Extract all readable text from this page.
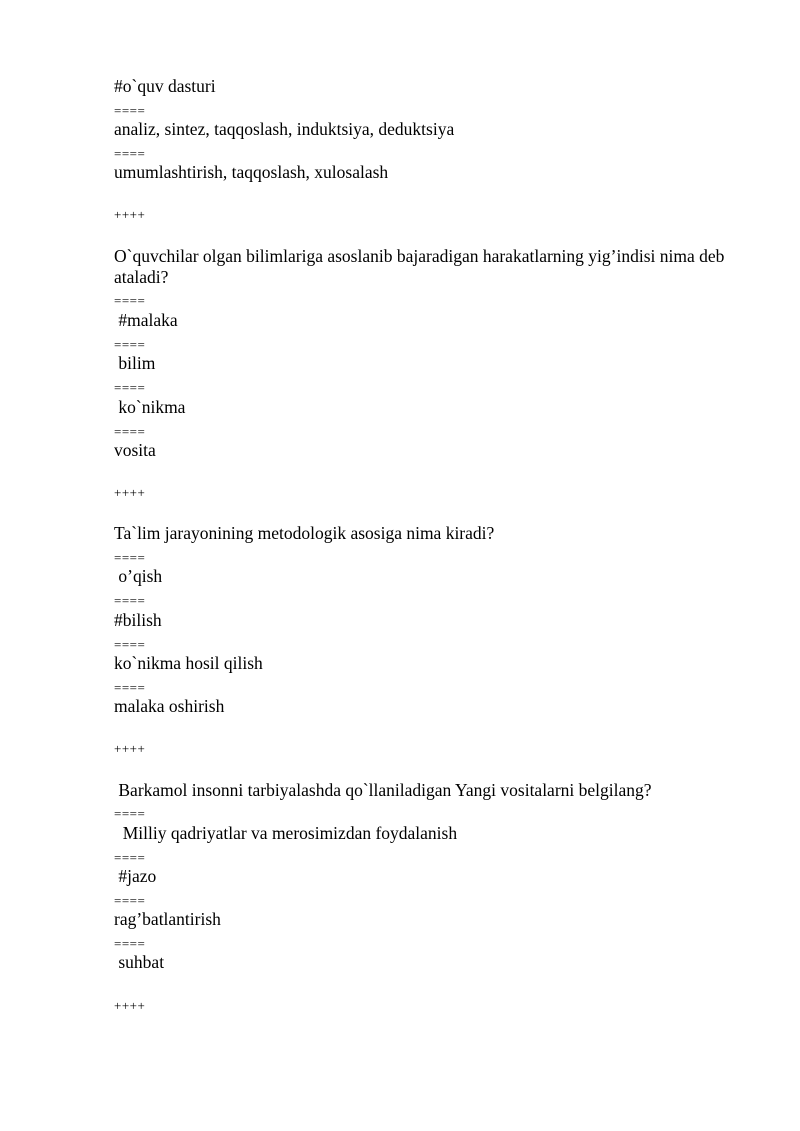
#o`quv dasturi
====
analiz, sintez, taqqoslash, induktsiya, deduktsiya
====
umumlashtirish, taqqoslash, xulosalash
++++
O`quvchilar olgan bilimlariga asoslanib bajaradigan harakatlarning yig’indisi nima deb ataladi?
====
#malaka
====
bilim
====
ko`nikma
====
vosita
++++
Ta`lim jarayonining metodologik asosiga nima kiradi?
====
o’qish
====
#bilish
====
ko`nikma hosil qilish
====
malaka oshirish
++++
Barkamol insonni tarbiyalashda qo`llaniladigan Yangi vositalarni belgilang?
====
Milliy qadriyatlar va merosimizdan foydalanish
====
#jazo
====
rag’batlantirish
====
suhbat
++++
